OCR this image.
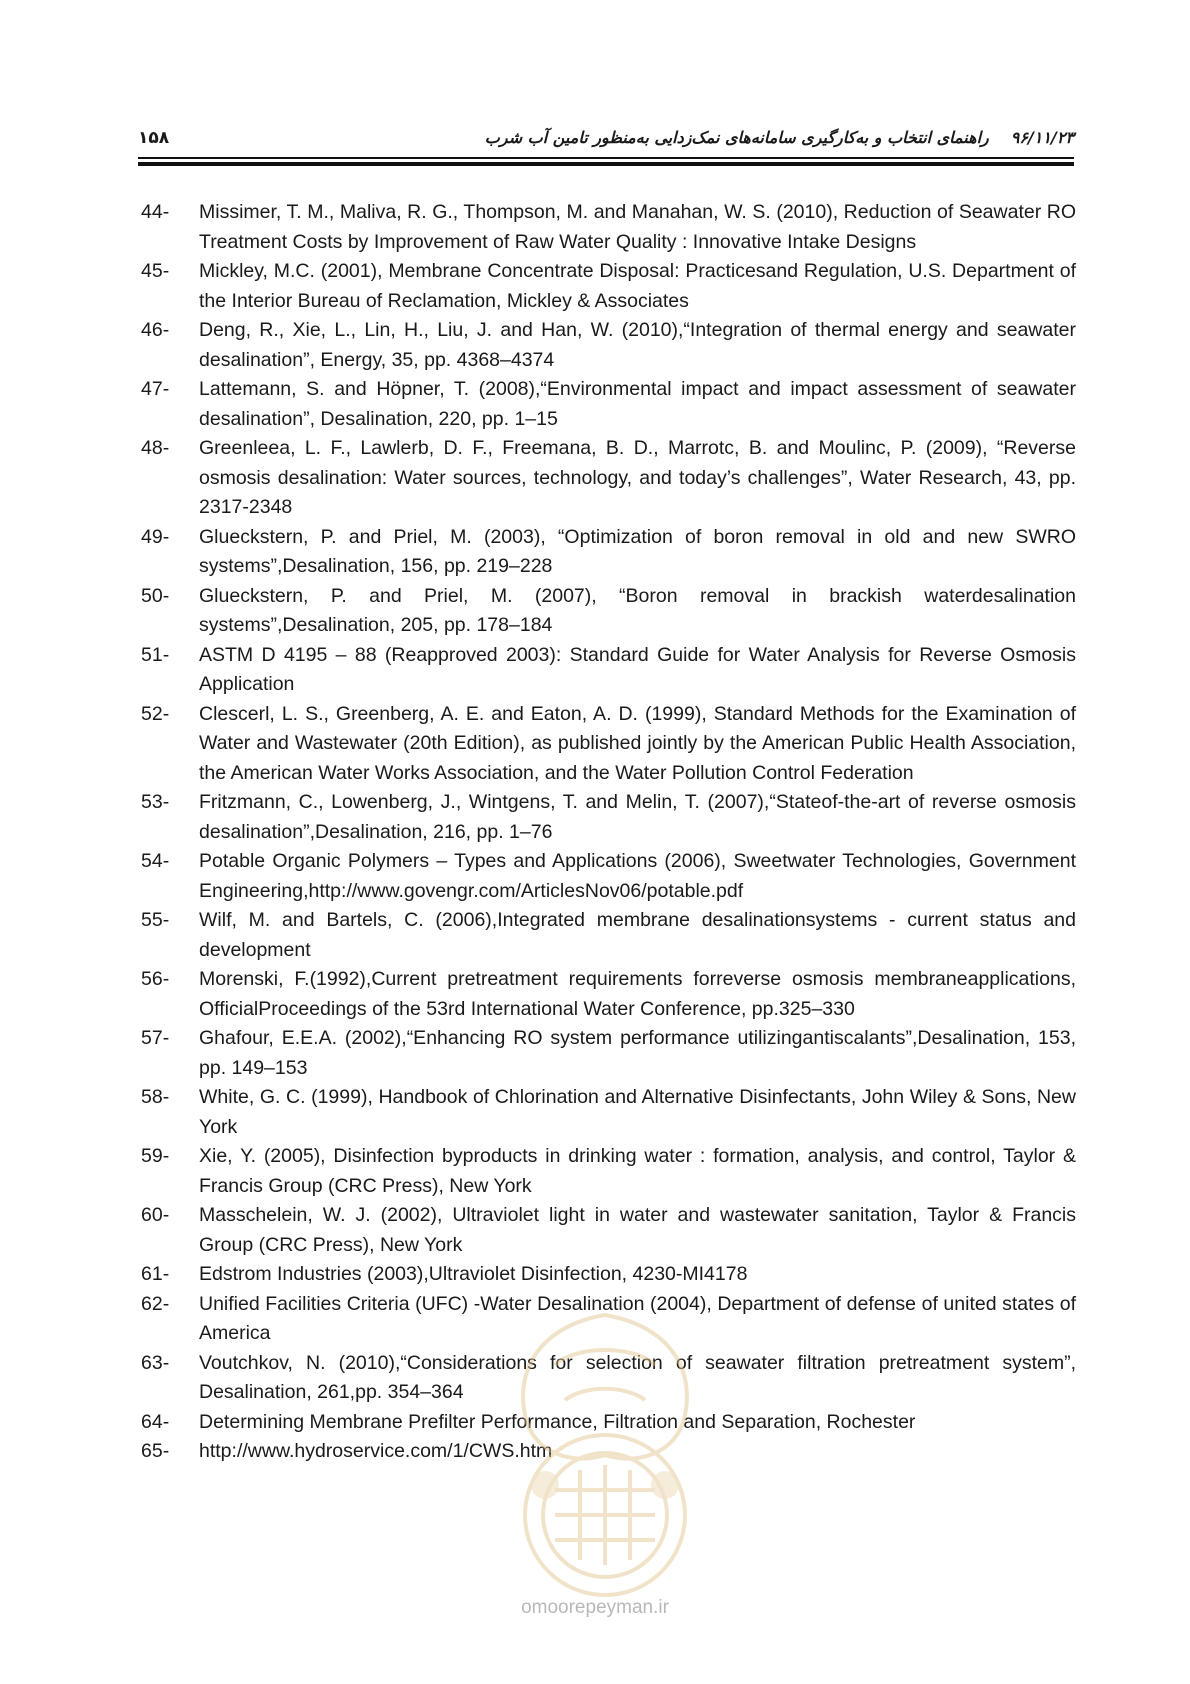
۱۵۸	۹۶/۱۱/۲۳راهنمای انتخاب و به‌کارگیری سامانه‌های نمک‌زدایی به‌منظور تامین آب شرب
44-	Missimer, T. M., Maliva, R. G., Thompson, M. and Manahan, W. S. (2010), Reduction of Seawater RO Treatment Costs by Improvement of Raw Water Quality : Innovative Intake Designs
45-	Mickley, M.C. (2001), Membrane Concentrate Disposal: Practicesand Regulation, U.S. Department of the Interior Bureau of Reclamation, Mickley & Associates
46-	Deng, R., Xie, L., Lin, H., Liu, J. and Han, W. (2010),“Integration of thermal energy and seawater desalination”, Energy, 35, pp. 4368–4374
47-	Lattemann, S. and Höpner, T. (2008),“Environmental impact and impact assessment of seawater desalination”, Desalination, 220, pp. 1–15
48-	Greenleea, L. F., Lawlerb, D. F., Freemana, B. D., Marrotc, B. and Moulinc, P. (2009), “Reverse osmosis desalination: Water sources, technology, and today’s challenges”, Water Research, 43, pp. 2317-2348
49-	Glueckstern, P. and Priel, M. (2003), “Optimization of boron removal in old and new SWRO systems”,Desalination, 156, pp. 219–228
50-	Glueckstern, P. and Priel, M. (2007), “Boron removal in brackish waterdesalination systems”,Desalination, 205, pp. 178–184
51-	ASTM D 4195 – 88 (Reapproved 2003): Standard Guide for Water Analysis for Reverse Osmosis Application
52-	Clescerl, L. S., Greenberg, A. E. and Eaton, A. D. (1999), Standard Methods for the Examination of Water and Wastewater (20th Edition), as published jointly by the American Public Health Association, the American Water Works Association, and the Water Pollution Control Federation
53-	Fritzmann, C., Lowenberg, J., Wintgens, T. and Melin, T. (2007),“Stateof-the-art of reverse osmosis desalination”,Desalination, 216, pp. 1–76
54-	Potable Organic Polymers – Types and Applications (2006), Sweetwater Technologies, Government Engineering,http://www.govengr.com/ArticlesNov06/potable.pdf
55-	Wilf, M. and Bartels, C. (2006),Integrated membrane desalinationsystems - current status and development
56-	Morenski, F.(1992),Current pretreatment requirements forreverse osmosis membraneapplications, OfficialProceedings of the 53rd International Water Conference, pp.325–330
57-	Ghafour, E.E.A. (2002),“Enhancing RO system performance utilizingantiscalants”,Desalination, 153, pp. 149–153
58-	White, G. C. (1999), Handbook of Chlorination and Alternative Disinfectants, John Wiley & Sons, New York
59-	Xie, Y. (2005), Disinfection byproducts in drinking water : formation, analysis, and control, Taylor & Francis Group (CRC Press), New York
60-	Masschelein, W. J. (2002), Ultraviolet light in water and wastewater sanitation, Taylor & Francis Group (CRC Press), New York
61-	Edstrom Industries (2003),Ultraviolet Disinfection, 4230-MI4178
62-	Unified Facilities Criteria (UFC) -Water Desalination (2004), Department of defense of united states of America
63-	Voutchkov, N. (2010),“Considerations for selection of seawater filtration pretreatment system”, Desalination, 261,pp. 354–364
64-	Determining Membrane Prefilter Performance, Filtration and Separation, Rochester
65-	http://www.hydroservice.com/1/CWS.htm
omoorepeyman.ir
